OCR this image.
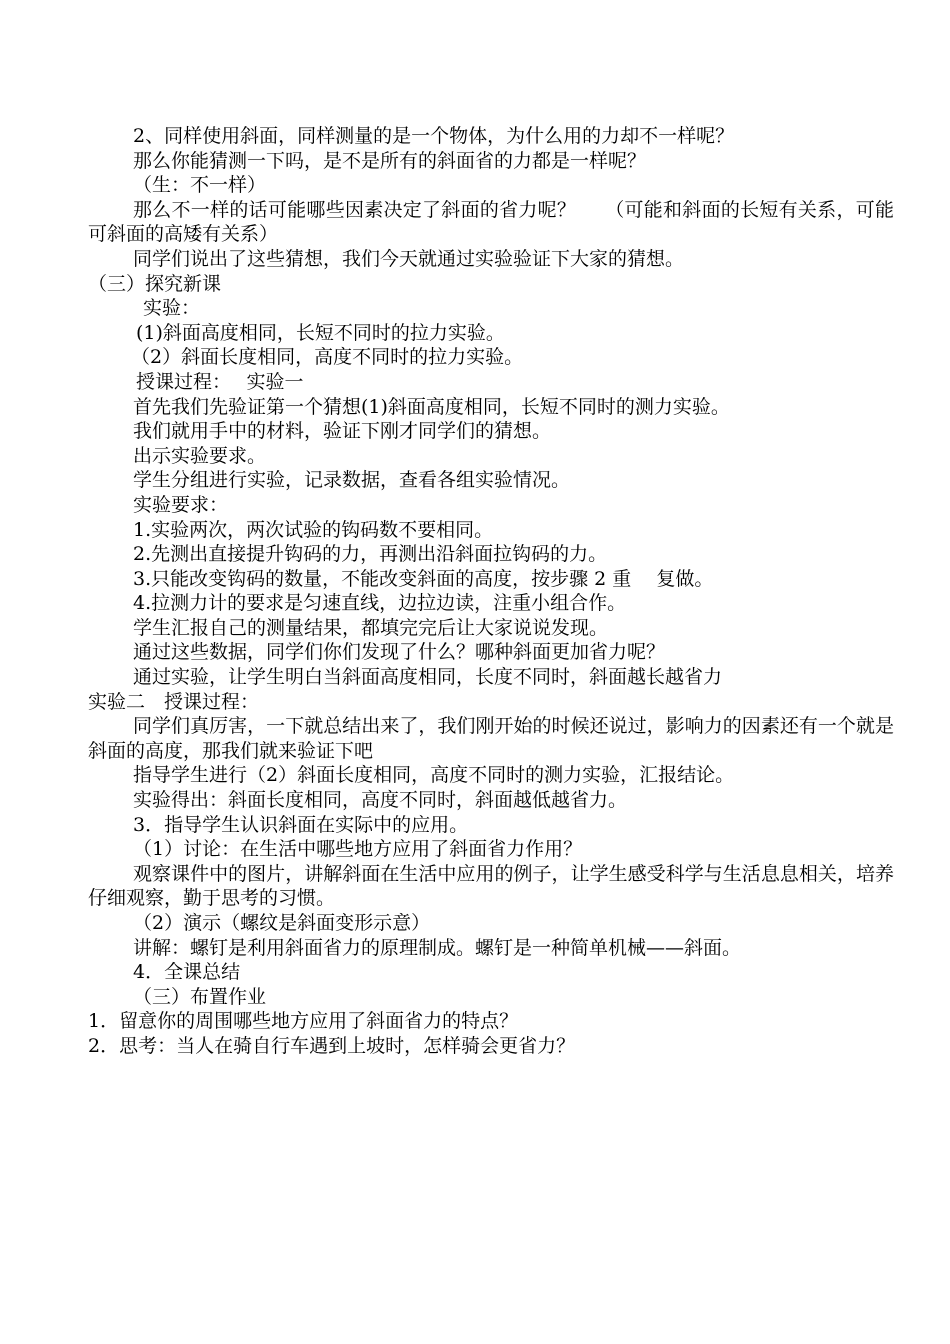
2、同样使用斜面，同样测量的是一个物体，为什么用的力却不一样呢？
那么你能猜测一下吗，是不是所有的斜面省的力都是一样呢？
（生：不一样）
那么不一样的话可能哪些因素决定了斜面的省力呢？　　（可能和斜面的长短有关系，可能可斜面的高矮有关系）
同学们说出了这些猜想，我们今天就通过实验验证下大家的猜想。
（三）探究新课
实验：
(1)斜面高度相同，长短不同时的拉力实验。
（2）斜面长度相同，高度不同时的拉力实验。
授课过程：　 实验一
首先我们先验证第一个猜想(1)斜面高度相同，长短不同时的测力实验。
我们就用手中的材料，验证下刚才同学们的猜想。
出示实验要求。
学生分组进行实验，记录数据，查看各组实验情况。
实验要求：
1.实验两次，两次试验的钩码数不要相同。
2.先测出直接提升钩码的力，再测出沿斜面拉钩码的力。
3.只能改变钩码的数量，不能改变斜面的高度，按步骤 2 重　 复做。
4.拉测力计的要求是匀速直线，边拉边读，注重小组合作。
学生汇报自己的测量结果，都填完完后让大家说说发现。
通过这些数据，同学们你们发现了什么？哪种斜面更加省力呢？
通过实验，让学生明白当斜面高度相同，长度不同时，斜面越长越省力
实验二　授课过程：
同学们真厉害，一下就总结出来了，我们刚开始的时候还说过，影响力的因素还有一个就是斜面的高度，那我们就来验证下吧
指导学生进行（2）斜面长度相同，高度不同时的测力实验，汇报结论。
实验得出：斜面长度相同，高度不同时，斜面越低越省力。
3．指导学生认识斜面在实际中的应用。
（1）讨论：在生活中哪些地方应用了斜面省力作用？
观察课件中的图片，讲解斜面在生活中应用的例子，让学生感受科学与生活息息相关，培养仔细观察，勤于思考的习惯。
（2）演示（螺纹是斜面变形示意）
讲解：螺钉是利用斜面省力的原理制成。螺钉是一种简单机械——斜面。
4．全课总结
（三）布置作业
1．留意你的周围哪些地方应用了斜面省力的特点？
2．思考：当人在骑自行车遇到上坡时，怎样骑会更省力？
